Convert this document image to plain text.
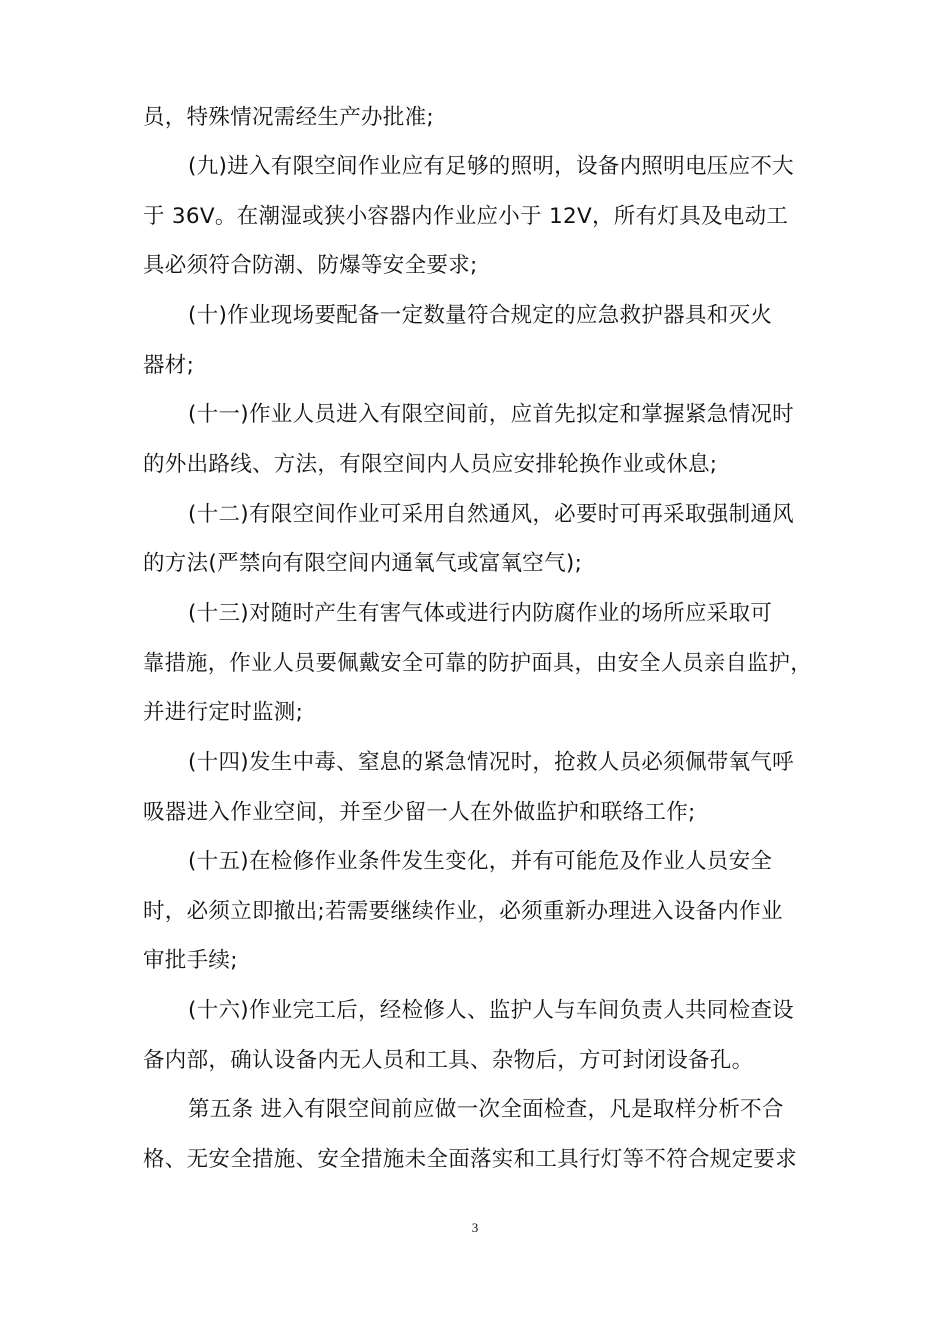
员，特殊情况需经生产办批准;
(九)进入有限空间作业应有足够的照明，设备内照明电压应不大
于 36V。在潮湿或狭小容器内作业应小于 12V，所有灯具及电动工
具必须符合防潮、防爆等安全要求;
(十)作业现场要配备一定数量符合规定的应急救护器具和灭火
器材;
(十一)作业人员进入有限空间前，应首先拟定和掌握紧急情况时
的外出路线、方法，有限空间内人员应安排轮换作业或休息;
(十二)有限空间作业可采用自然通风，必要时可再采取强制通风
的方法(严禁向有限空间内通氧气或富氧空气);
(十三)对随时产生有害气体或进行内防腐作业的场所应采取可
靠措施，作业人员要佩戴安全可靠的防护面具，由安全人员亲自监护，
并进行定时监测;
(十四)发生中毒、窒息的紧急情况时，抢救人员必须佩带氧气呼
吸器进入作业空间，并至少留一人在外做监护和联络工作;
(十五)在检修作业条件发生变化，并有可能危及作业人员安全
时，必须立即撤出;若需要继续作业，必须重新办理进入设备内作业
审批手续;
(十六)作业完工后，经检修人、监护人与车间负责人共同检查设
备内部，确认设备内无人员和工具、杂物后，方可封闭设备孔。
第五条 进入有限空间前应做一次全面检查，凡是取样分析不合
格、无安全措施、安全措施未全面落实和工具行灯等不符合规定要求
3
